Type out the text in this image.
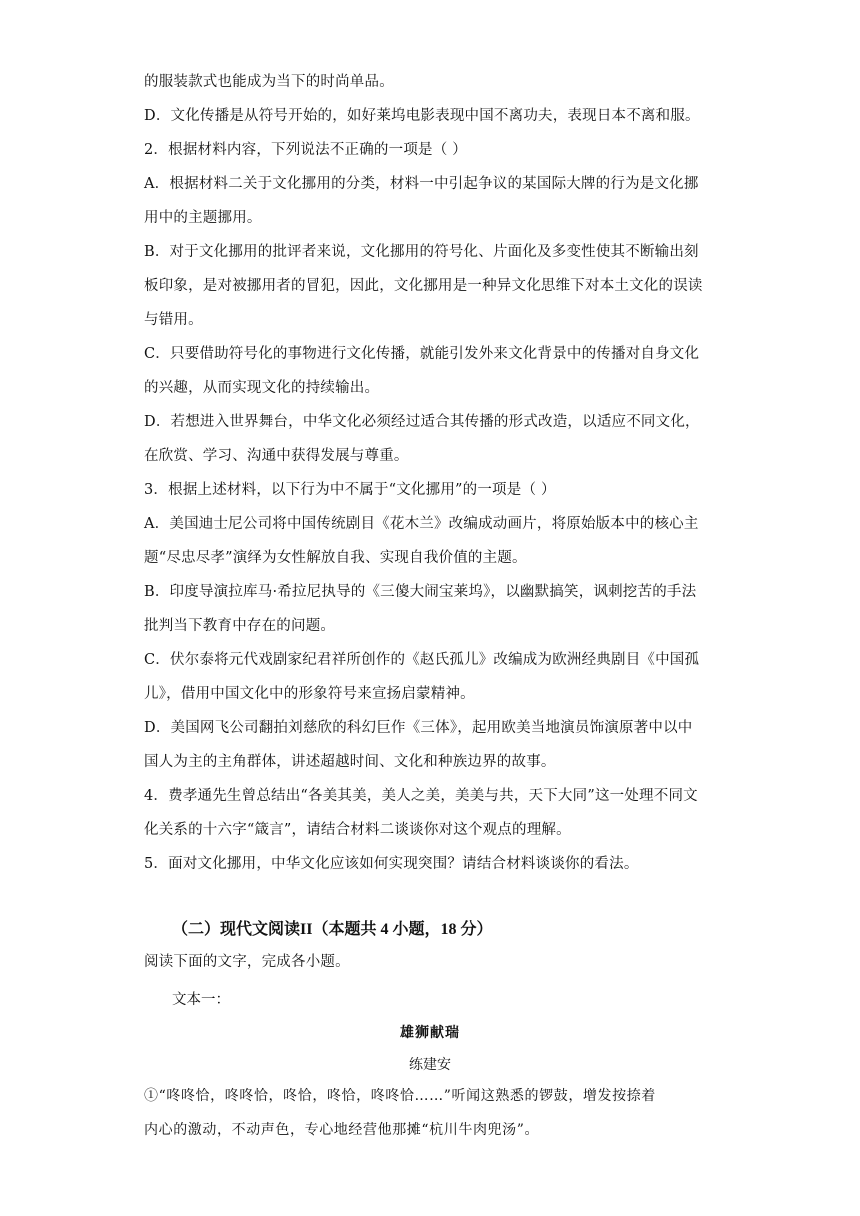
的服装款式也能成为当下的时尚单品。
D．文化传播是从符号开始的，如好莱坞电影表现中国不离功夫，表现日本不离和服。
2．根据材料内容，下列说法不正确的一项是（ ）
A．根据材料二关于文化挪用的分类，材料一中引起争议的某国际大牌的行为是文化挪
用中的主题挪用。
B．对于文化挪用的批评者来说，文化挪用的符号化、片面化及多变性使其不断输出刻
板印象，是对被挪用者的冒犯，因此，文化挪用是一种异文化思维下对本土文化的误读
与错用。
C．只要借助符号化的事物进行文化传播，就能引发外来文化背景中的传播对自身文化
的兴趣，从而实现文化的持续输出。
D．若想进入世界舞台，中华文化必须经过适合其传播的形式改造，以适应不同文化，
在欣赏、学习、沟通中获得发展与尊重。
3．根据上述材料，以下行为中不属于“文化挪用”的一项是（ ）
A．美国迪士尼公司将中国传统剧目《花木兰》改编成动画片，将原始版本中的核心主
题“尽忠尽孝”演绎为女性解放自我、实现自我价值的主题。
B．印度导演拉库马·希拉尼执导的《三傻大闹宝莱坞》，以幽默搞笑，讽刺挖苦的手法
批判当下教育中存在的问题。
C．伏尔泰将元代戏剧家纪君祥所创作的《赵氏孤儿》改编成为欧洲经典剧目《中国孤
儿》，借用中国文化中的形象符号来宣扬启蒙精神。
D．美国网飞公司翻拍刘慈欣的科幻巨作《三体》，起用欧美当地演员饰演原著中以中
国人为主的主角群体，讲述超越时间、文化和种族边界的故事。
4．费孝通先生曾总结出“各美其美，美人之美，美美与共，天下大同”这一处理不同文
化关系的十六字“箴言”，请结合材料二谈谈你对这个观点的理解。
5．面对文化挪用，中华文化应该如何实现突围？请结合材料谈谈你的看法。
（二）现代文阅读II（本题共 4 小题，18 分）
阅读下面的文字，完成各小题。
文本一：
雄狮献瑞
练建安
①“咚咚恰，咚咚恰，咚恰，咚恰，咚咚恰……”听闻这熟悉的锣鼓，增发按捺着
内心的激动，不动声色，专心地经营他那摊“杭川牛肉兜汤”。
